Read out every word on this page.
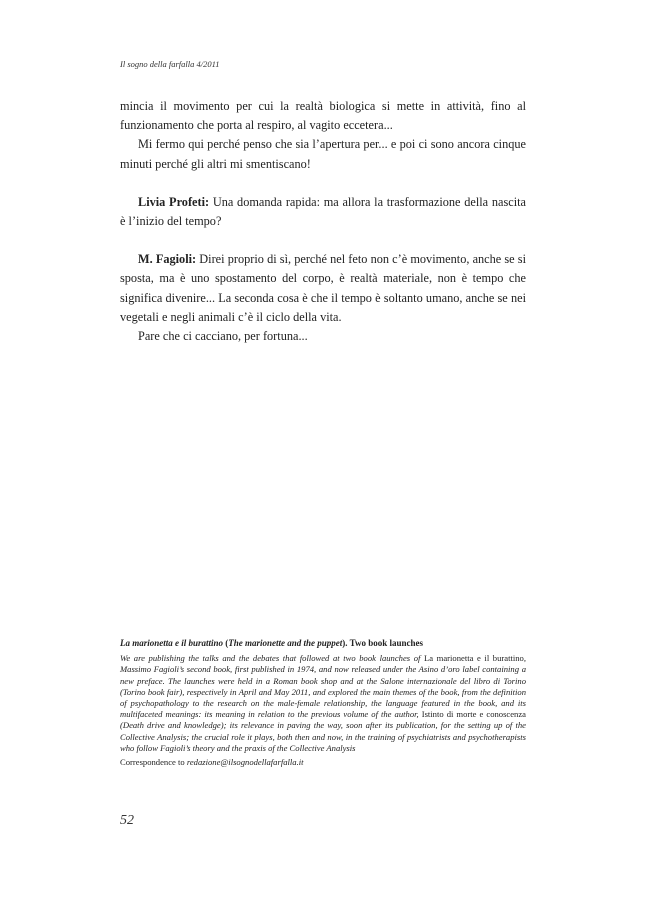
Il sogno della farfalla 4/2011

mincia il movimento per cui la realtà biologica si mette in attività, fino al funzionamento che porta al respiro, al vagito eccetera...

Mi fermo qui perché penso che sia l’apertura per... e poi ci sono ancora cinque minuti perché gli altri mi smentiscano!

Livia Profeti: Una domanda rapida: ma allora la trasformazione della nascita è l’inizio del tempo?

M. Fagioli: Direi proprio di sì, perché nel feto non c’è movimento, anche se si sposta, ma è uno spostamento del corpo, è realtà materiale, non è tempo che significa divenire... La seconda cosa è che il tempo è soltanto umano, anche se nei vegetali e negli animali c’è il ciclo della vita.

Pare che ci cacciano, per fortuna...

La marionetta e il burattino (The marionette and the puppet). Two book launches

We are publishing the talks and the debates that followed at two book launches of La marionetta e il burattino, Massimo Fagioli’s second book, first published in 1974, and now released under the Asino d’oro label containing a new preface. The launches were held in a Roman book shop and at the Salone internazionale del libro di Torino (Torino book fair), respectively in April and May 2011, and explored the main themes of the book, from the definition of psychopathology to the research on the male-female relationship, the language featured in the book, and its multifaceted meanings: its meaning in relation to the previous volume of the author, Istinto di morte e conoscenza (Death drive and knowledge); its relevance in paving the way, soon after its publication, for the setting up of the Collective Analysis; the crucial role it plays, both then and now, in the training of psychiatrists and psychotherapists who follow Fagioli’s theory and the praxis of the Collective Analysis

Correspondence to redazione@ilsognodellafarfalla.it

52
